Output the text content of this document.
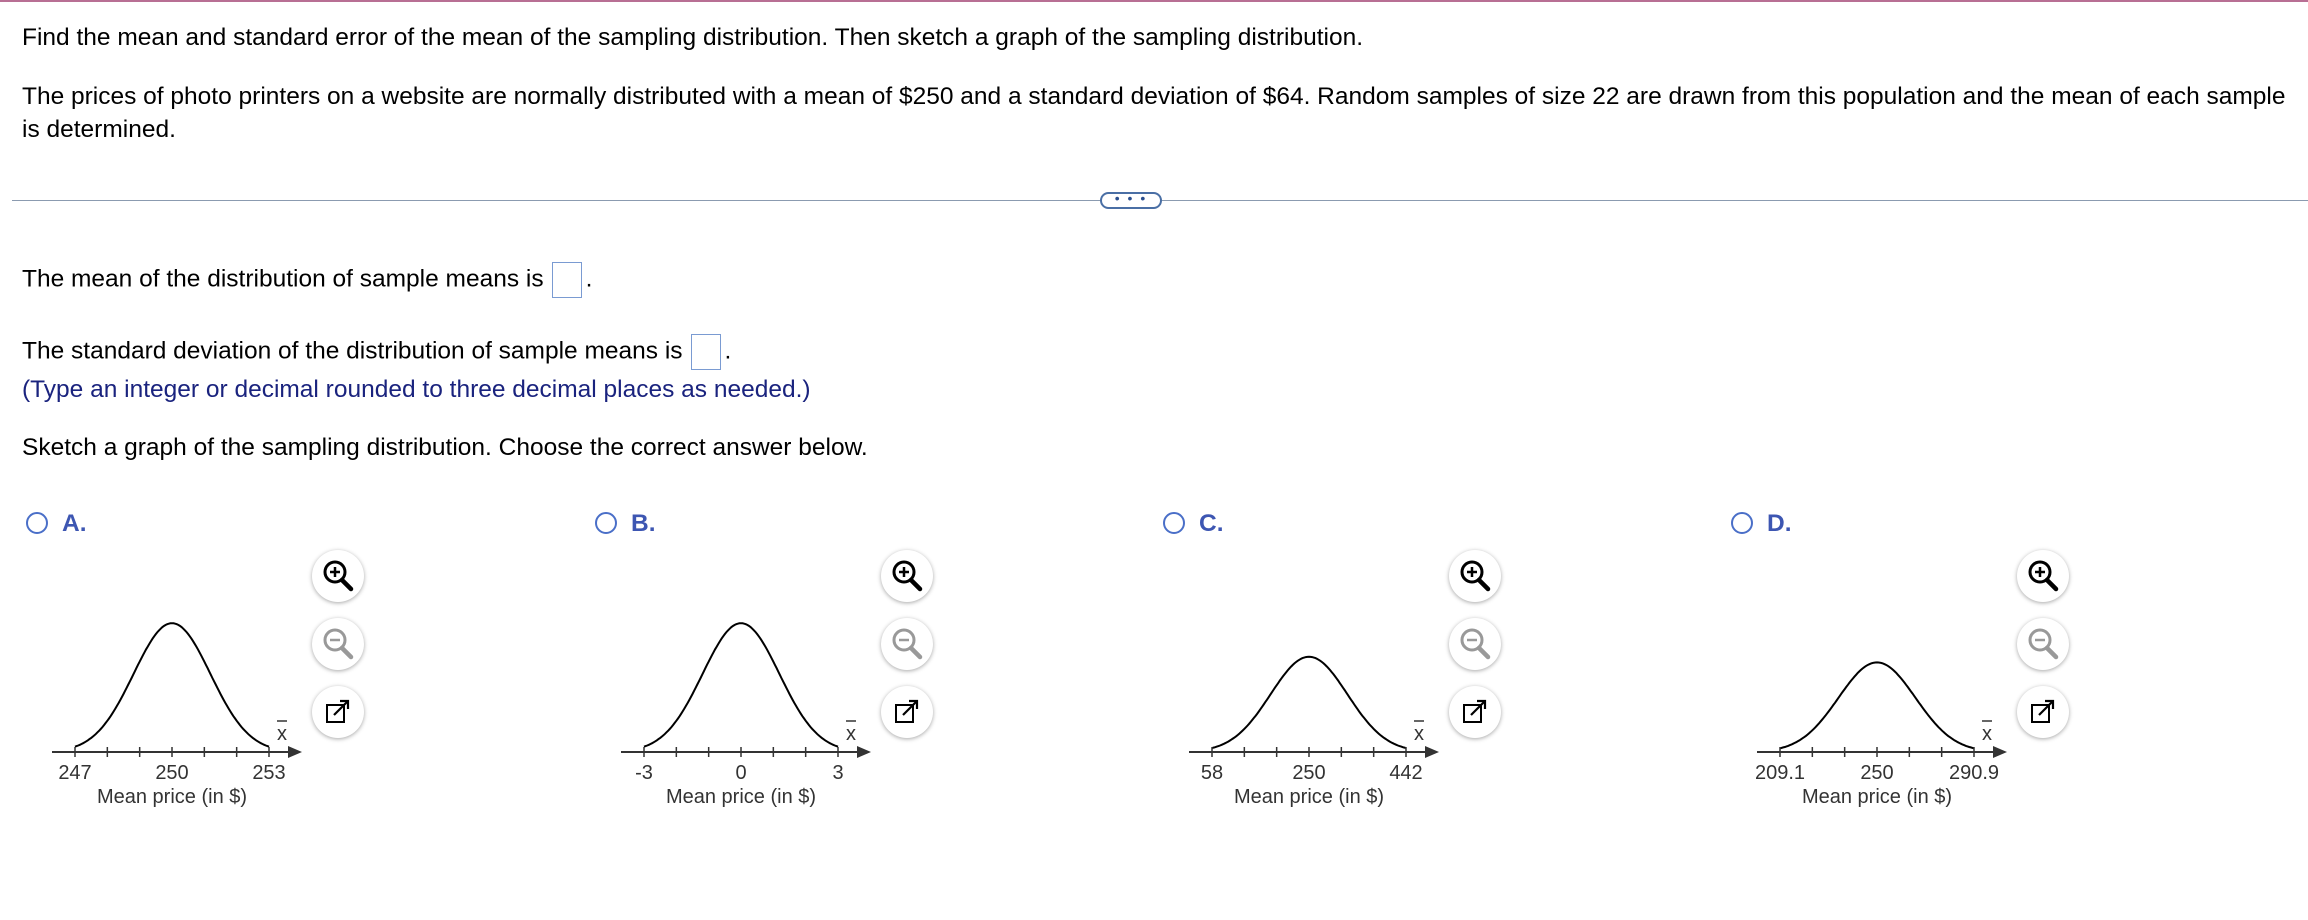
Find the mean and standard error of the mean of the sampling distribution. Then sketch a graph of the sampling distribution.

The prices of photo printers on a website are normally distributed with a mean of $250 and a standard deviation of $64. Random samples of size 22 are drawn from this population and the mean of each sample is determined.

• • •
The mean of the distribution of sample means is .
The standard deviation of the distribution of sample means is .
(Type an integer or decimal rounded to three decimal places as needed.)
Sketch a graph of the sampling distribution. Choose the correct answer below.
A.
247	250	253
x
Mean price (in $)
B.
-3	0	3
x
Mean price (in $)
C.
58	250	442
x
Mean price (in $)
D.
209.1	250	290.9
x
Mean price (in $)
